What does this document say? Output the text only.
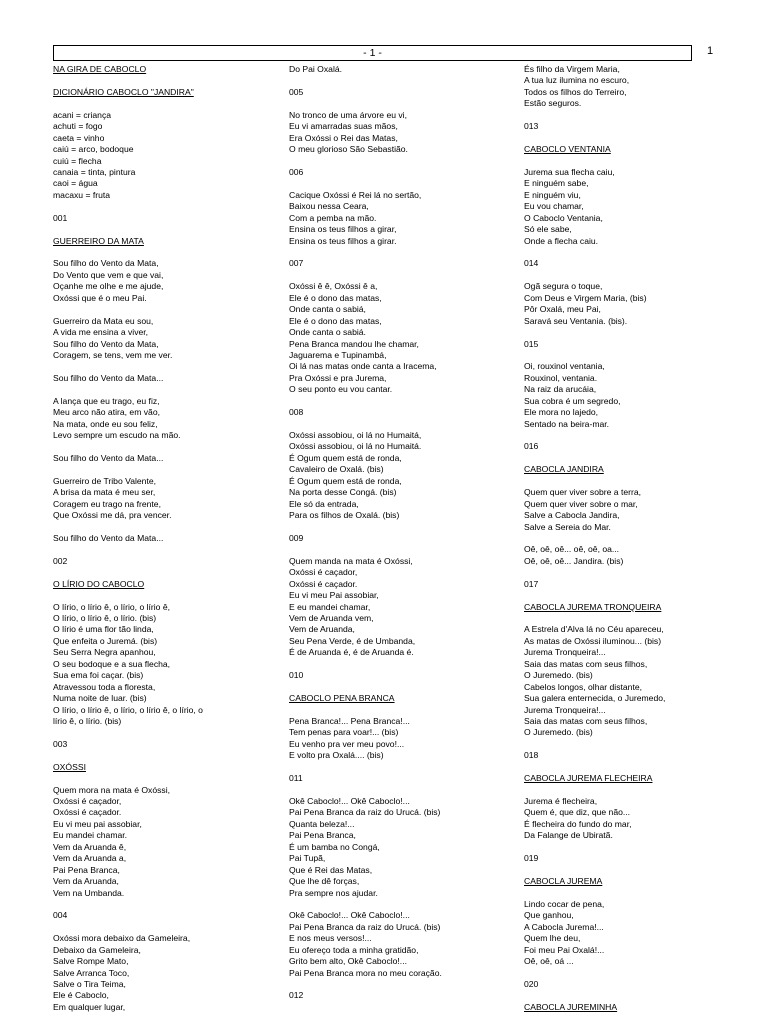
- 1 -	1
NA GIRA DE CABOCLO
DICIONÁRIO CABOCLO "JANDIRA"
acani = criança
achuti = fogo
caeta = vinho
caiú = arco, bodoque
cuiú = flecha
canaia = tinta, pintura
caoi = água
macaxu = fruta
001
GUERREIRO DA MATA
Sou filho do Vento da Mata,
Do Vento que vem e que vai,
Oçanhe me olhe e me ajude,
Oxóssi que é o meu Pai.
Guerreiro da Mata eu sou,
A vida me ensina a viver,
Sou filho do Vento da Mata,
Coragem, se tens, vem me ver.
Sou filho do Vento da Mata...
A lança que eu trago, eu fiz,
Meu arco não atira, em vão,
Na mata, onde eu sou feliz,
Levo sempre um escudo na mão.
Sou filho do Vento da Mata...
Guerreiro de Tribo Valente,
A brisa da mata é meu ser,
Coragem eu trago na frente,
Que Oxóssi me dá, pra vencer.
Sou filho do Vento da Mata...
002
O LÍRIO DO CABOCLO
O lírio, o lírio ê, o lírio, o lírio ê,
O lírio, o lírio ê, o lírio. (bis)
O lírio é uma flor tão linda,
Que enfeita o Juremá. (bis)
Seu Serra Negra apanhou,
O seu bodoque e a sua flecha,
Sua ema foi caçar. (bis)
Atravessou toda a floresta,
Numa noite de luar. (bis)
O lírio, o lírio ê, o lírio, o lírio ê, o lírio, o
lírio ê, o lírio. (bis)
003
OXÓSSI
Quem mora na mata é Oxóssi,
Oxóssi é caçador,
Oxóssi é caçador.
Eu vi meu pai assobiar,
Eu mandei chamar.
Vem da Aruanda ê,
Vem da Aruanda a,
Pai Pena Branca,
Vem da Aruanda,
Vem na Umbanda.
004
Oxóssi mora debaixo da Gameleira,
Debaixo da Gameleira,
Salve Rompe Mato,
Salve Arranca Toco,
Salve o Tira Teima,
Ele é Caboclo,
Em qualquer lugar,
Do Pai Oxalá.
005
No tronco de uma árvore eu vi,
Eu vi amarradas suas mãos,
Era Oxóssi o Rei das Matas,
O meu glorioso São Sebastião.
006
Cacique Oxóssi é Rei lá no sertão,
Baixou nessa Ceara,
Com a pemba na mão.
Ensina os teus filhos a girar,
Ensina os teus filhos a girar.
007
Oxóssi ê ê, Oxóssi ê a,
Ele é o dono das matas,
Onde canta o sabiá,
Ele é o dono das matas,
Onde canta o sabiá.
Pena Branca mandou lhe chamar,
Jaguarema e Tupinambá,
Oi lá nas matas onde canta a Iracema,
Pra Oxóssi e pra Jurema,
O seu ponto eu vou cantar.
008
Oxóssi assobiou, oi lá no Humaitá,
Oxóssi assobiou, oi lá no Humaitá.
É Ogum quem está de ronda,
Cavaleiro de Oxalá. (bis)
É Ogum quem está de ronda,
Na porta desse Congá. (bis)
Ele só da entrada,
Para os filhos de Oxalá. (bis)
009
Quem manda na mata é Oxóssi,
Oxóssi é caçador,
Oxóssi é caçador.
Eu vi meu Pai assobiar,
E eu mandei chamar,
Vem de Aruanda vem,
Vem de Aruanda,
Seu Pena Verde, é de Umbanda,
É de Aruanda é, é de Aruanda é.
010
CABOCLO PENA BRANCA
Pena Branca!... Pena Branca!...
Tem penas para voar!... (bis)
Eu venho pra ver meu povo!...
E volto pra Oxalá.... (bis)
011
Okê Caboclo!... Okê Caboclo!...
Pai Pena Branca da raiz do Urucá. (bis)
Quanta beleza!...
Pai Pena Branca,
É um bamba no Congá,
Pai Tupã,
Que é Rei das Matas,
Que lhe dê forças,
Pra sempre nos ajudar.
Okê Caboclo!... Okê Caboclo!...
Pai Pena Branca da raiz do Urucá. (bis)
E nos meus versos!...
Eu ofereço toda a minha gratidão,
Grito bem alto, Okê Caboclo!...
Pai Pena Branca mora no meu coração.
012
És filho da Virgem Maria,
A tua luz ilumina no escuro,
Todos os filhos do Terreiro,
Estão seguros.
013
CABOCLO VENTANIA
Jurema sua flecha caiu,
E ninguém sabe,
E ninguém viu,
Eu vou chamar,
O Caboclo Ventania,
Só ele sabe,
Onde a flecha caiu.
014
Ogã segura o toque,
Com Deus e Virgem Maria, (bis)
Pôr Oxalá, meu Pai,
Saravá seu Ventania. (bis).
015
Oi, rouxinol ventania,
Rouxinol, ventania.
Na raiz da arucáia,
Sua cobra é um segredo,
Ele mora no lajedo,
Sentado na beira-mar.
016
CABOCLA JANDIRA
Quem quer viver sobre a terra,
Quem quer viver sobre o mar,
Salve a Cabocla Jandira,
Salve a Sereia do Mar.
Oê, oê, oê... oê, oê, oa...
Oê, oê, oê... Jandira. (bis)
017
CABOCLA JUREMA TRONQUEIRA
A Estrela d'Alva lá no Céu apareceu,
As matas de Oxóssi iluminou... (bis)
Jurema Tronqueira!...
Saia das matas com seus filhos,
O Juremedo. (bis)
Cabelos longos, olhar distante,
Sua galera enternecida, o Juremedo,
Jurema Tronqueira!...
Saia das matas com seus filhos,
O Juremedo. (bis)
018
CABOCLA JUREMA FLECHEIRA
Jurema é flecheira,
Quem é, que diz, que não...
É flecheira do fundo do mar,
Da Falange de Ubiratã.
019
CABOCLA JUREMA
Lindo cocar de pena,
Que ganhou,
A Cabocla Jurema!...
Quem lhe deu,
Foi meu Pai Oxalá!...
Oê, oê, oá ...
020
CABOCLA JUREMINHA
